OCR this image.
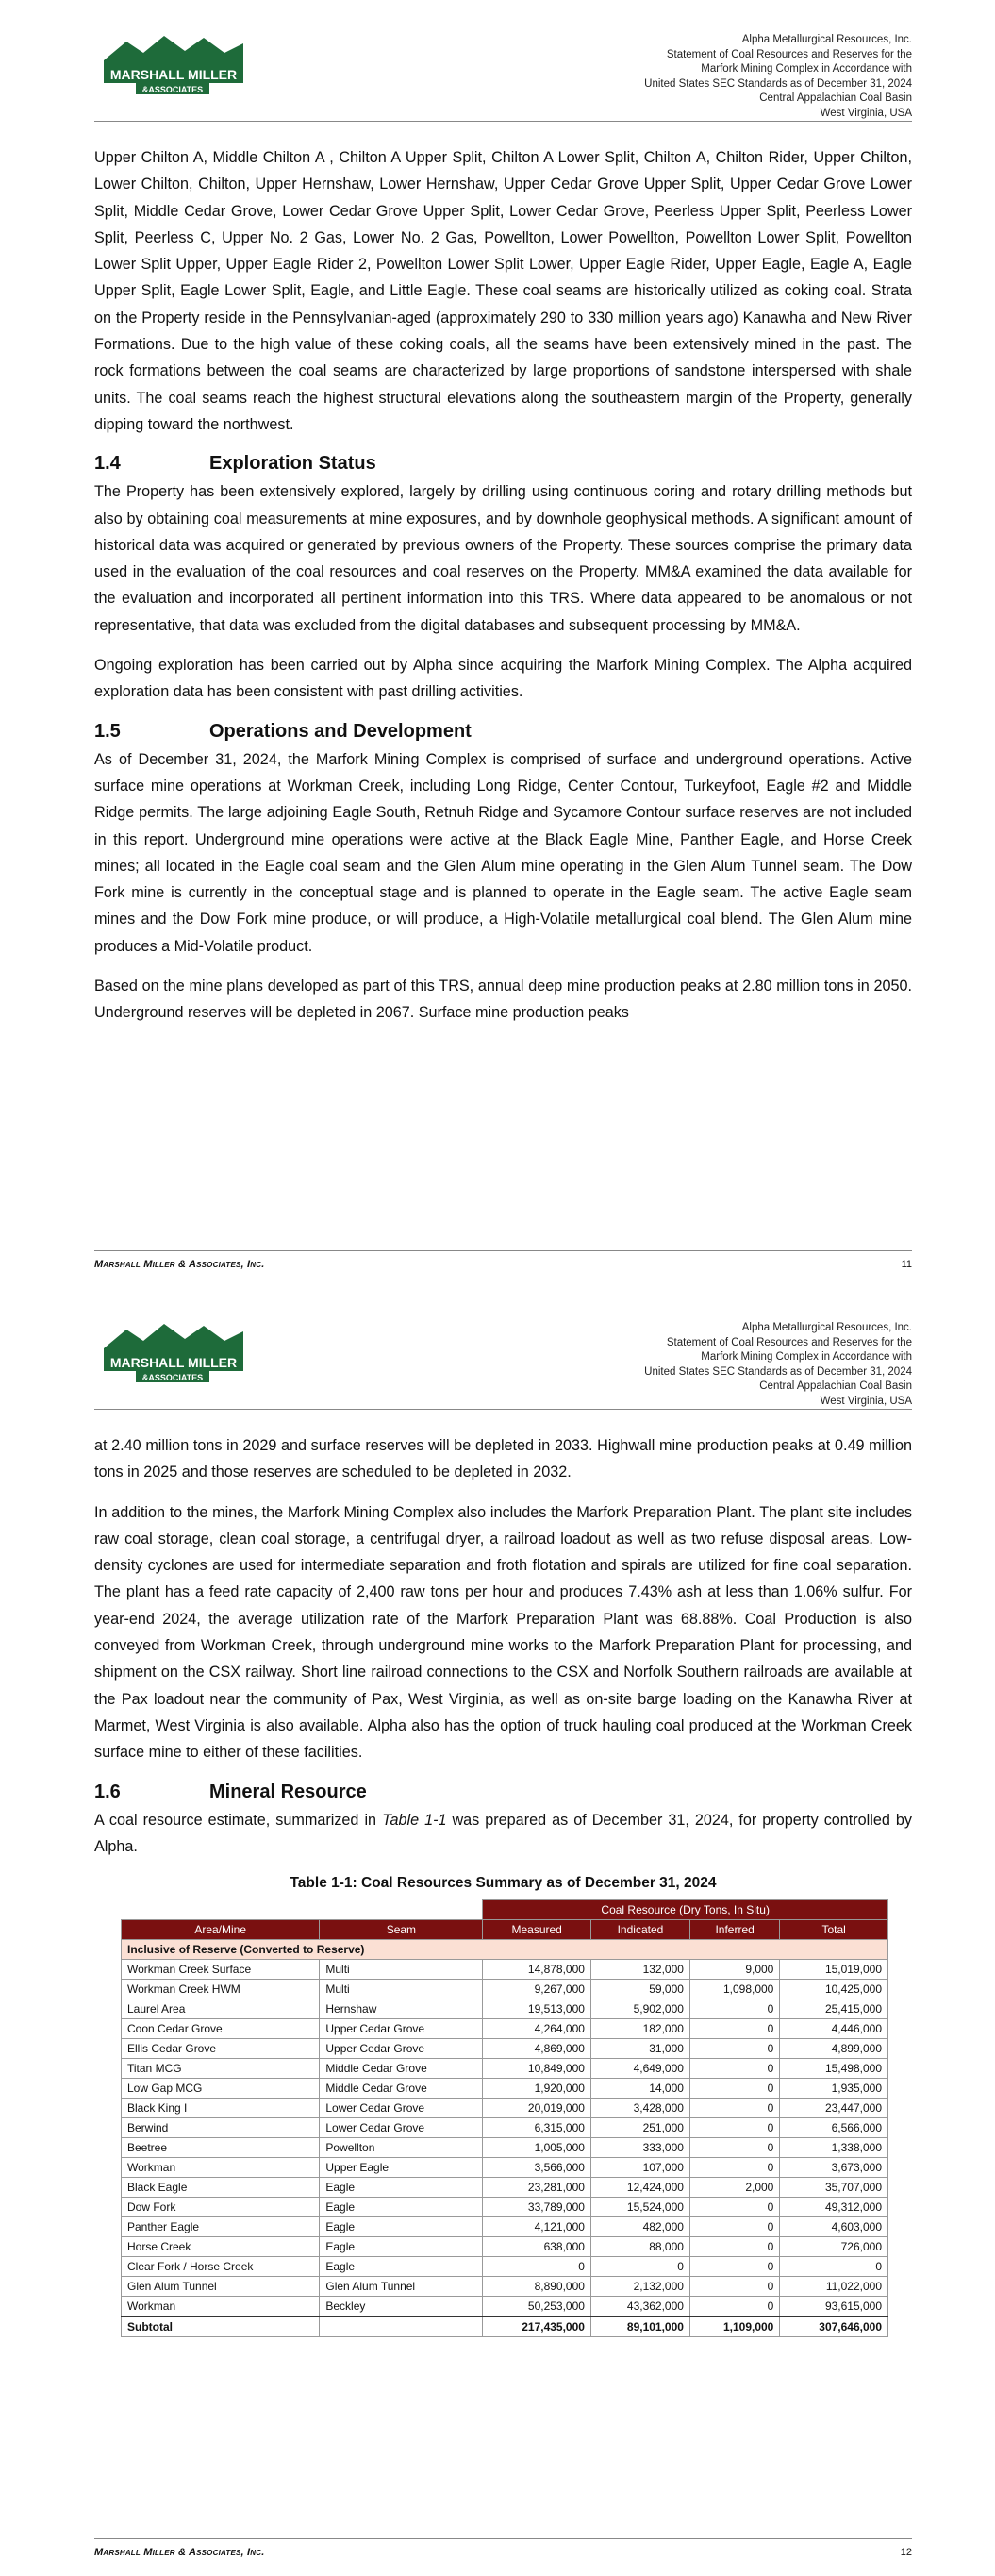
MARSHALL MILLER
&ASSOCIATES
Alpha Metallurgical Resources, Inc.
Statement of Coal Resources and Reserves for the
Marfork Mining Complex in Accordance with
United States SEC Standards as of December 31, 2024
Central Appalachian Coal Basin
West Virginia, USA

Upper Chilton A, Middle Chilton A , Chilton A Upper Split, Chilton A Lower Split, Chilton A, Chilton Rider, Upper Chilton, Lower Chilton, Chilton, Upper Hernshaw, Lower Hernshaw, Upper Cedar Grove Upper Split, Upper Cedar Grove Lower Split, Middle Cedar Grove, Lower Cedar Grove Upper Split, Lower Cedar Grove, Peerless Upper Split, Peerless Lower Split, Peerless C, Upper No. 2 Gas, Lower No. 2 Gas, Powellton, Lower Powellton, Powellton Lower Split, Powellton Lower Split Upper, Upper Eagle Rider 2, Powellton Lower Split Lower, Upper Eagle Rider, Upper Eagle, Eagle A, Eagle Upper Split, Eagle Lower Split, Eagle, and Little Eagle. These coal seams are historically utilized as coking coal. Strata on the Property reside in the Pennsylvanian-aged (approximately 290 to 330 million years ago) Kanawha and New River Formations. Due to the high value of these coking coals, all the seams have been extensively mined in the past. The rock formations between the coal seams are characterized by large proportions of sandstone interspersed with shale units. The coal seams reach the highest structural elevations along the southeastern margin of the Property, generally dipping toward the northwest.

1.4	Exploration Status

The Property has been extensively explored, largely by drilling using continuous coring and rotary drilling methods but also by obtaining coal measurements at mine exposures, and by downhole geophysical methods. A significant amount of historical data was acquired or generated by previous owners of the Property. These sources comprise the primary data used in the evaluation of the coal resources and coal reserves on the Property. MM&A examined the data available for the evaluation and incorporated all pertinent information into this TRS. Where data appeared to be anomalous or not representative, that data was excluded from the digital databases and subsequent processing by MM&A.

Ongoing exploration has been carried out by Alpha since acquiring the Marfork Mining Complex. The Alpha acquired exploration data has been consistent with past drilling activities.

1.5	Operations and Development

As of December 31, 2024, the Marfork Mining Complex is comprised of surface and underground operations. Active surface mine operations at Workman Creek, including Long Ridge, Center Contour, Turkeyfoot, Eagle #2 and Middle Ridge permits. The large adjoining Eagle South, Retnuh Ridge and Sycamore Contour surface reserves are not included in this report. Underground mine operations were active at the Black Eagle Mine, Panther Eagle, and Horse Creek mines; all located in the Eagle coal seam and the Glen Alum mine operating in the Glen Alum Tunnel seam. The Dow Fork mine is currently in the conceptual stage and is planned to operate in the Eagle seam. The active Eagle seam mines and the Dow Fork mine produce, or will produce, a High-Volatile metallurgical coal blend. The Glen Alum mine produces a Mid-Volatile product.

Based on the mine plans developed as part of this TRS, annual deep mine production peaks at 2.80 million tons in 2050. Underground reserves will be depleted in 2067. Surface mine production peaks

Marshall Miller & Associates, Inc.	11
MARSHALL MILLER
&ASSOCIATES
Alpha Metallurgical Resources, Inc.
Statement of Coal Resources and Reserves for the
Marfork Mining Complex in Accordance with
United States SEC Standards as of December 31, 2024
Central Appalachian Coal Basin
West Virginia, USA

at 2.40 million tons in 2029 and surface reserves will be depleted in 2033. Highwall mine production peaks at 0.49 million tons in 2025 and those reserves are scheduled to be depleted in 2032.

In addition to the mines, the Marfork Mining Complex also includes the Marfork Preparation Plant. The plant site includes raw coal storage, clean coal storage, a centrifugal dryer, a railroad loadout as well as two refuse disposal areas. Low-density cyclones are used for intermediate separation and froth flotation and spirals are utilized for fine coal separation. The plant has a feed rate capacity of 2,400 raw tons per hour and produces 7.43% ash at less than 1.06% sulfur. For year-end 2024, the average utilization rate of the Marfork Preparation Plant was 68.88%. Coal Production is also conveyed from Workman Creek, through underground mine works to the Marfork Preparation Plant for processing, and shipment on the CSX railway. Short line railroad connections to the CSX and Norfolk Southern railroads are available at the Pax loadout near the community of Pax, West Virginia, as well as on-site barge loading on the Kanawha River at Marmet, West Virginia is also available. Alpha also has the option of truck hauling coal produced at the Workman Creek surface mine to either of these facilities.

1.6	Mineral Resource

A coal resource estimate, summarized in Table 1-1 was prepared as of December 31, 2024, for property controlled by Alpha.

Table 1-1: Coal Resources Summary as of December 31, 2024
		Coal Resource (Dry Tons, In Situ)			
Area/Mine	Seam	Measured	Indicated	Inferred	Total
Inclusive of Reserve (Converted to Reserve)					
Workman Creek Surface	Multi	14,878,000	132,000	9,000	15,019,000
Workman Creek HWM	Multi	9,267,000	59,000	1,098,000	10,425,000
Laurel Area	Hernshaw	19,513,000	5,902,000	0	25,415,000
Coon Cedar Grove	Upper Cedar Grove	4,264,000	182,000	0	4,446,000
Ellis Cedar Grove	Upper Cedar Grove	4,869,000	31,000	0	4,899,000
Titan MCG	Middle Cedar Grove	10,849,000	4,649,000	0	15,498,000
Low Gap MCG	Middle Cedar Grove	1,920,000	14,000	0	1,935,000
Black King I	Lower Cedar Grove	20,019,000	3,428,000	0	23,447,000
Berwind	Lower Cedar Grove	6,315,000	251,000	0	6,566,000
Beetree	Powellton	1,005,000	333,000	0	1,338,000
Workman	Upper Eagle	3,566,000	107,000	0	3,673,000
Black Eagle	Eagle	23,281,000	12,424,000	2,000	35,707,000
Dow Fork	Eagle	33,789,000	15,524,000	0	49,312,000
Panther Eagle	Eagle	4,121,000	482,000	0	4,603,000
Horse Creek	Eagle	638,000	88,000	0	726,000
Clear Fork / Horse Creek	Eagle	0	0	0	0
Glen Alum Tunnel	Glen Alum Tunnel	8,890,000	2,132,000	0	11,022,000
Workman	Beckley	50,253,000	43,362,000	0	93,615,000
Subtotal		217,435,000	89,101,000	1,109,000	307,646,000
Marshall Miller & Associates, Inc.	12
